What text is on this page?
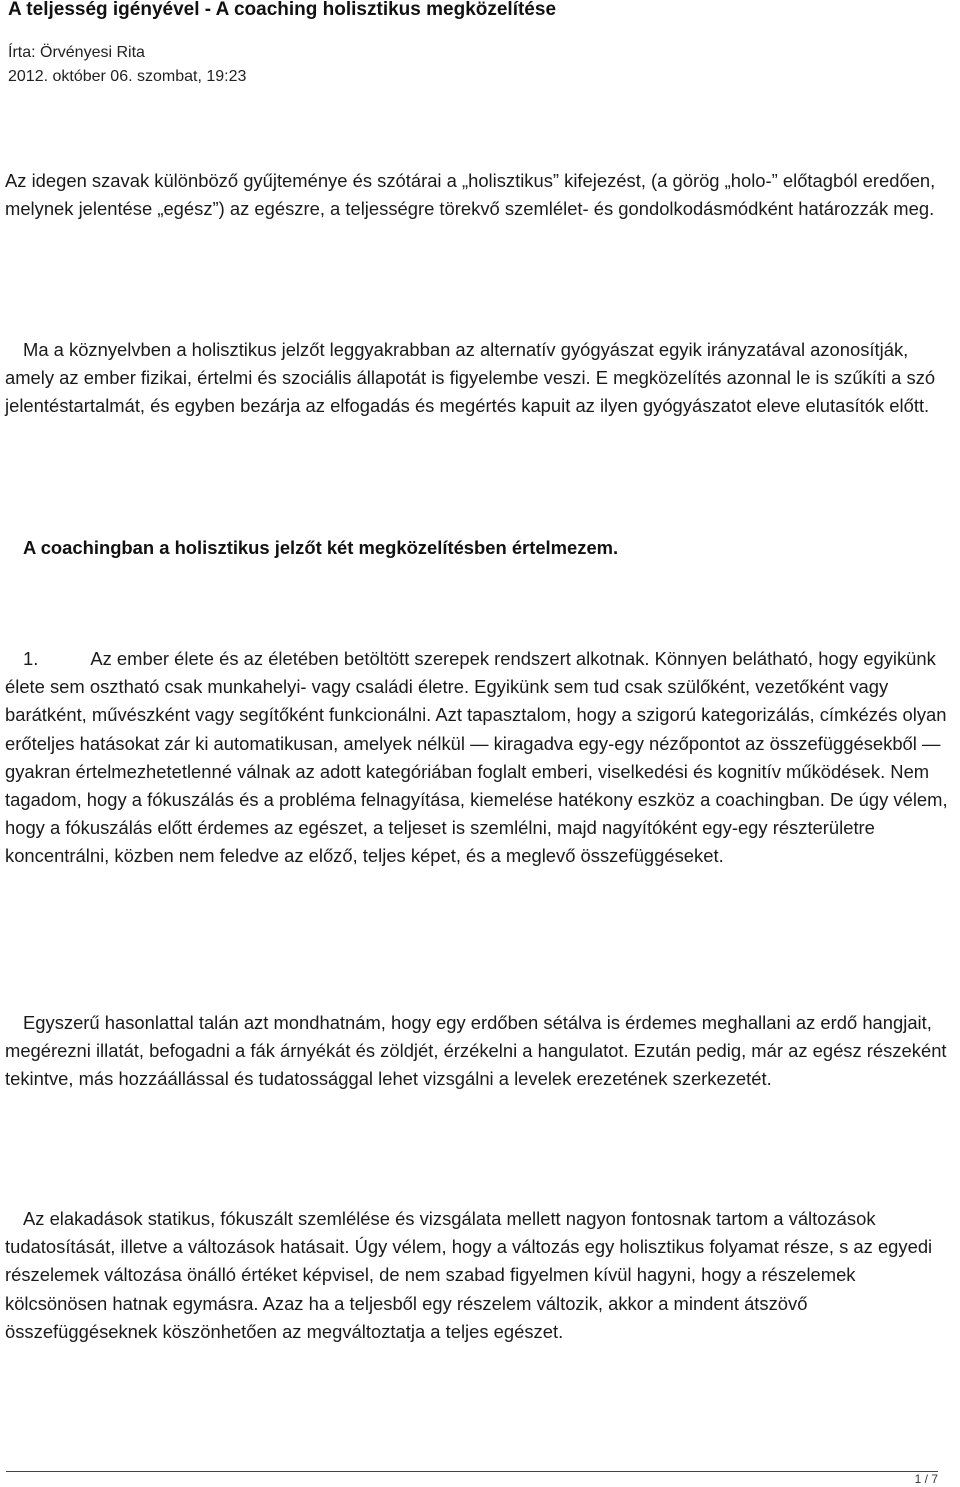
A teljesség igényével - A coaching holisztikus megközelítése
Írta: Örvényesi Rita
2012. október 06. szombat, 19:23

Az idegen szavak különböző gyűjteménye és szótárai a „holisztikus” kifejezést, (a görög „holo-” előtagból eredően, melynek jelentése „egész”) az egészre, a teljességre törekvő szemlélet- és gondolkodásmódként határozzák meg.

Ma a köznyelvben a holisztikus jelzőt leggyakrabban az alternatív gyógyászat egyik irányzatával azonosítják, amely az ember fizikai, értelmi és szociális állapotát is figyelembe veszi. E megközelítés azonnal le is szűkíti a szó jelentéstartalmát, és egyben bezárja az elfogadás és megértés kapuit az ilyen gyógyászatot eleve elutasítók előtt.

A coachingban a holisztikus jelzőt két megközelítésben értelmezem.

1.	Az ember élete és az életében betöltött szerepek rendszert alkotnak. Könnyen belátható, hogy egyikünk élete sem osztható csak munkahelyi- vagy családi életre. Egyikünk sem tud csak szülőként, vezetőként vagy barátként, művészként vagy segítőként funkcionálni. Azt tapasztalom, hogy a szigorú kategorizálás, címkézés olyan erőteljes hatásokat zár ki automatikusan, amelyek nélkül — kiragadva egy-egy nézőpontot az összefüggésekből — gyakran értelmezhetetlenné válnak az adott kategóriában foglalt emberi, viselkedési és kognitív működések. Nem tagadom, hogy a fókuszálás és a probléma felnagyítása, kiemelése hatékony eszköz a coachingban. De úgy vélem, hogy a fókuszálás előtt érdemes az egészet, a teljeset is szemlélni, majd nagyítóként egy-egy részterületre koncentrálni, közben nem feledve az előző, teljes képet, és a meglevő összefüggéseket.

Egyszerű hasonlattal talán azt mondhatnám, hogy egy erdőben sétálva is érdemes meghallani az erdő hangjait, megérezni illatát, befogadni a fák árnyékát és zöldjét, érzékelni a hangulatot. Ezután pedig, már az egész részeként tekintve, más hozzáállással és tudatossággal lehet vizsgálni a levelek erezetének szerkezetét.

Az elakadások statikus, fókuszált szemlélése és vizsgálata mellett nagyon fontosnak tartom a változások tudatosítását, illetve a változások hatásait. Úgy vélem, hogy a változás egy holisztikus folyamat része, s az egyedi részelemek változása önálló értéket képvisel, de nem szabad figyelmen kívül hagyni, hogy a részelemek kölcsönösen hatnak egymásra. Azaz ha a teljesből egy részelem változik, akkor a mindent átszövő összefüggéseknek köszönhetően az megváltoztatja a teljes egészet.

1 / 7
